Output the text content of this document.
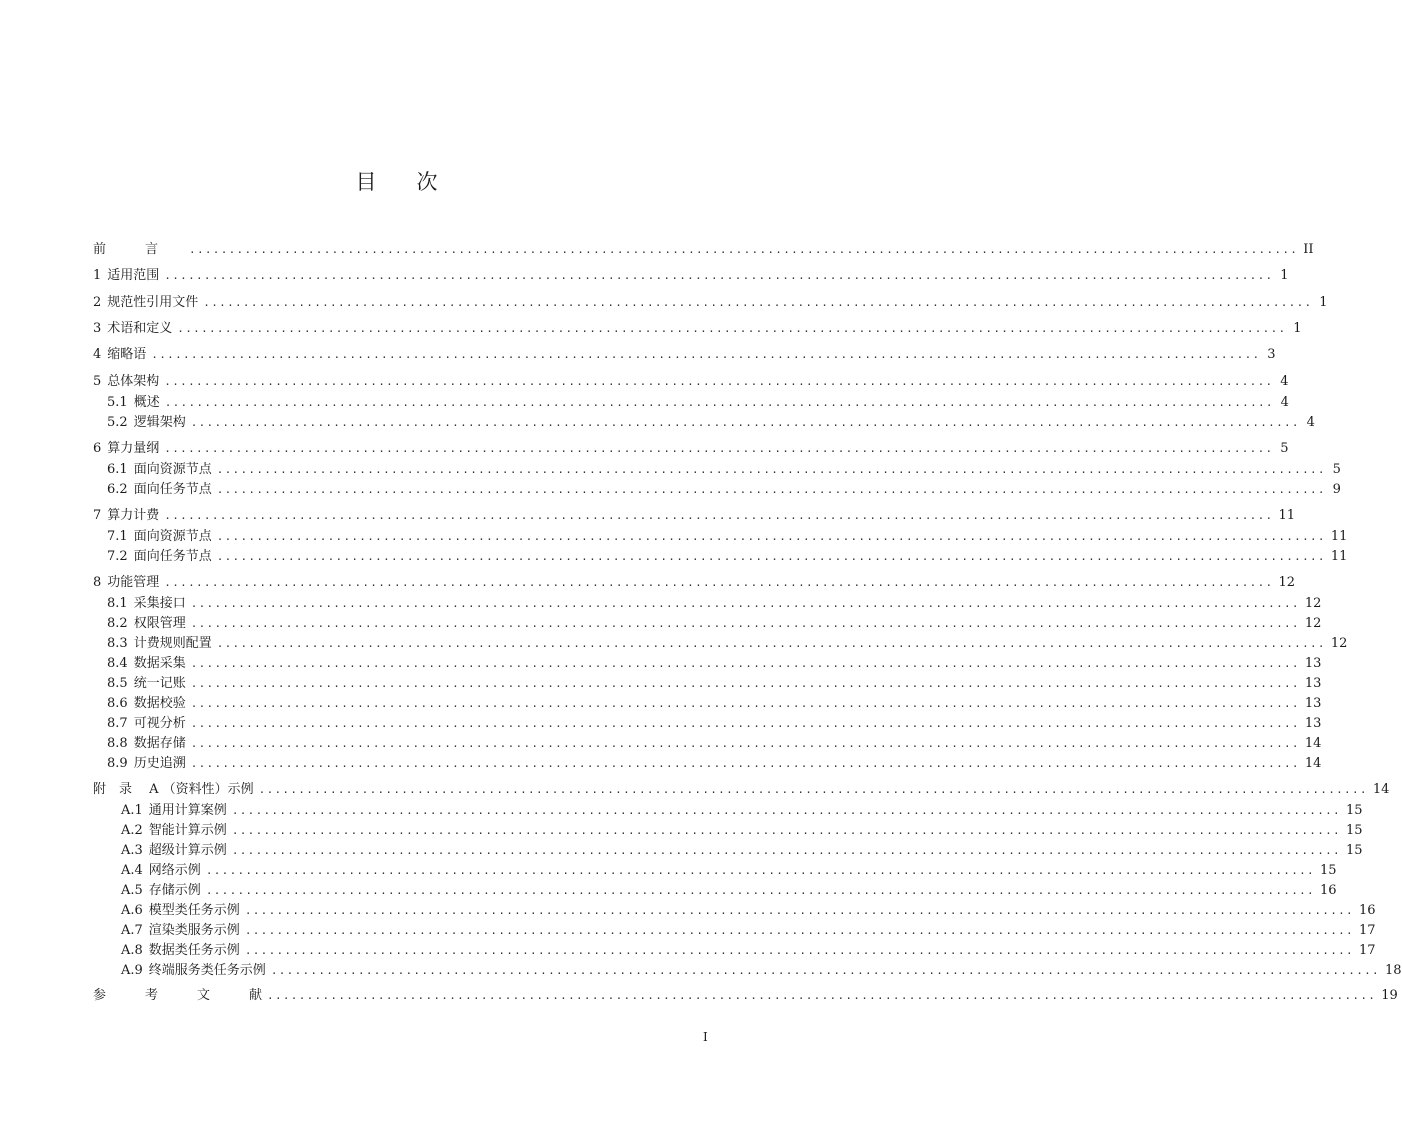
目 次
前　　　言　　 ............................................................................................................................................ II
1 适用范围 ............................................................................................................................................ 1
2 规范性引用文件 ............................................................................................................................................ 1
3 术语和定义 ............................................................................................................................................ 1
4 缩略语 ............................................................................................................................................ 3
5 总体架构 ............................................................................................................................................ 4
5.1 概述 ............................................................................................................................................ 4
5.2 逻辑架构 ............................................................................................................................................ 4
6 算力量纲 ............................................................................................................................................ 5
6.1 面向资源节点 ............................................................................................................................................ 5
6.2 面向任务节点 ............................................................................................................................................ 9
7 算力计费 ............................................................................................................................................ 11
7.1 面向资源节点 ............................................................................................................................................ 11
7.2 面向任务节点 ............................................................................................................................................ 11
8 功能管理 ............................................................................................................................................ 12
8.1 采集接口 ............................................................................................................................................ 12
8.2 权限管理 ............................................................................................................................................ 12
8.3 计费规则配置 ............................................................................................................................................ 12
8.4 数据采集 ............................................................................................................................................ 13
8.5 统一记账 ............................................................................................................................................ 13
8.6 数据校验 ............................................................................................................................................ 13
8.7 可视分析 ............................................................................................................................................ 13
8.8 数据存储 ............................................................................................................................................ 14
8.9 历史追溯 ............................................................................................................................................ 14
附　录　 A （资料性）示例 ............................................................................................................................................ 14
A.1 通用计算案例 ............................................................................................................................................ 15
A.2 智能计算示例 ............................................................................................................................................ 15
A.3 超级计算示例 ............................................................................................................................................ 15
A.4 网络示例 ............................................................................................................................................ 15
A.5 存储示例 ............................................................................................................................................ 16
A.6 模型类任务示例 ............................................................................................................................................ 16
A.7 渲染类服务示例 ............................................................................................................................................ 17
A.8 数据类任务示例 ............................................................................................................................................ 17
A.9 终端服务类任务示例 ............................................................................................................................................ 18
参　　　考　　　文　　　献 ............................................................................................................................................ 19
I
